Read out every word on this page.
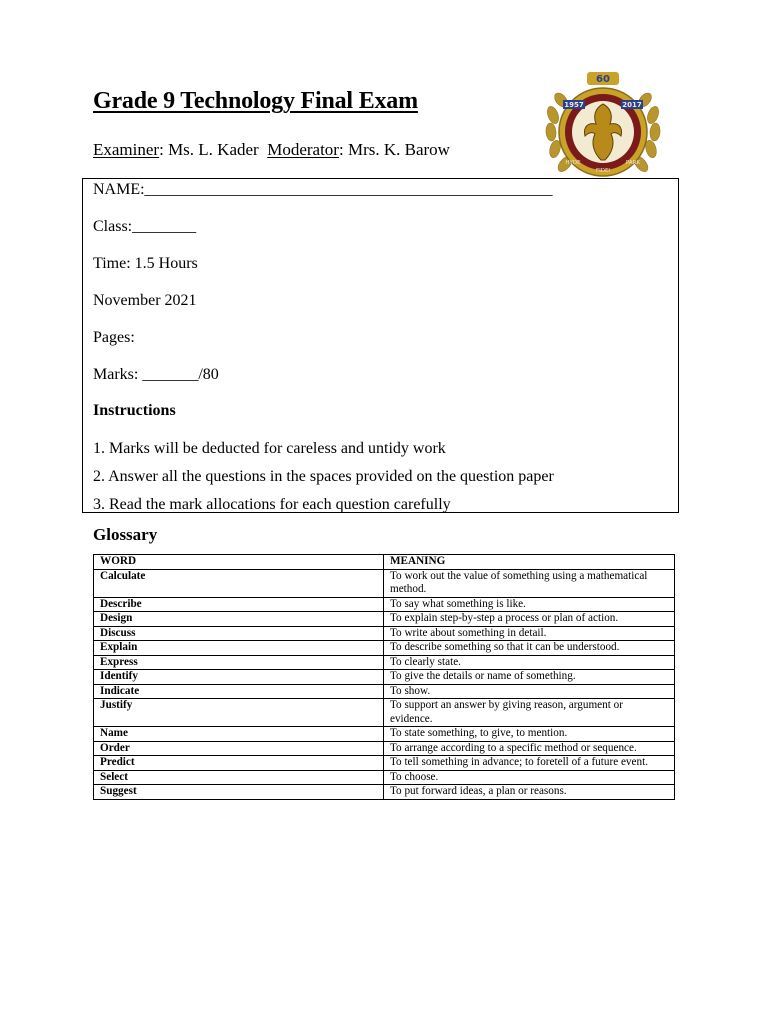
Grade 9 Technology Final Exam
Examiner: Ms. L. Kader Moderator: Mrs. K. Barow
60
1957	2017
HYDE	PARK
FIDEI
NAME:___________________________________________________
Class:________
Time: 1.5 Hours
November 2021
Pages:
Marks: _______/80
Instructions
1. Marks will be deducted for careless and untidy work
2. Answer all the questions in the spaces provided on the question paper
3. Read the mark allocations for each question carefully
Glossary
WORD	MEANING
Calculate	To work out the value of something using a mathematical method.
Describe	To say what something is like.
Design	To explain step-by-step a process or plan of action.
Discuss	To write about something in detail.
Explain	To describe something so that it can be understood.
Express	To clearly state.
Identify	To give the details or name of something.
Indicate	To show.
Justify	To support an answer by giving reason, argument or evidence.
Name	To state something, to give, to mention.
Order	To arrange according to a specific method or sequence.
Predict	To tell something in advance; to foretell of a future event.
Select	To choose.
Suggest	To put forward ideas, a plan or reasons.
